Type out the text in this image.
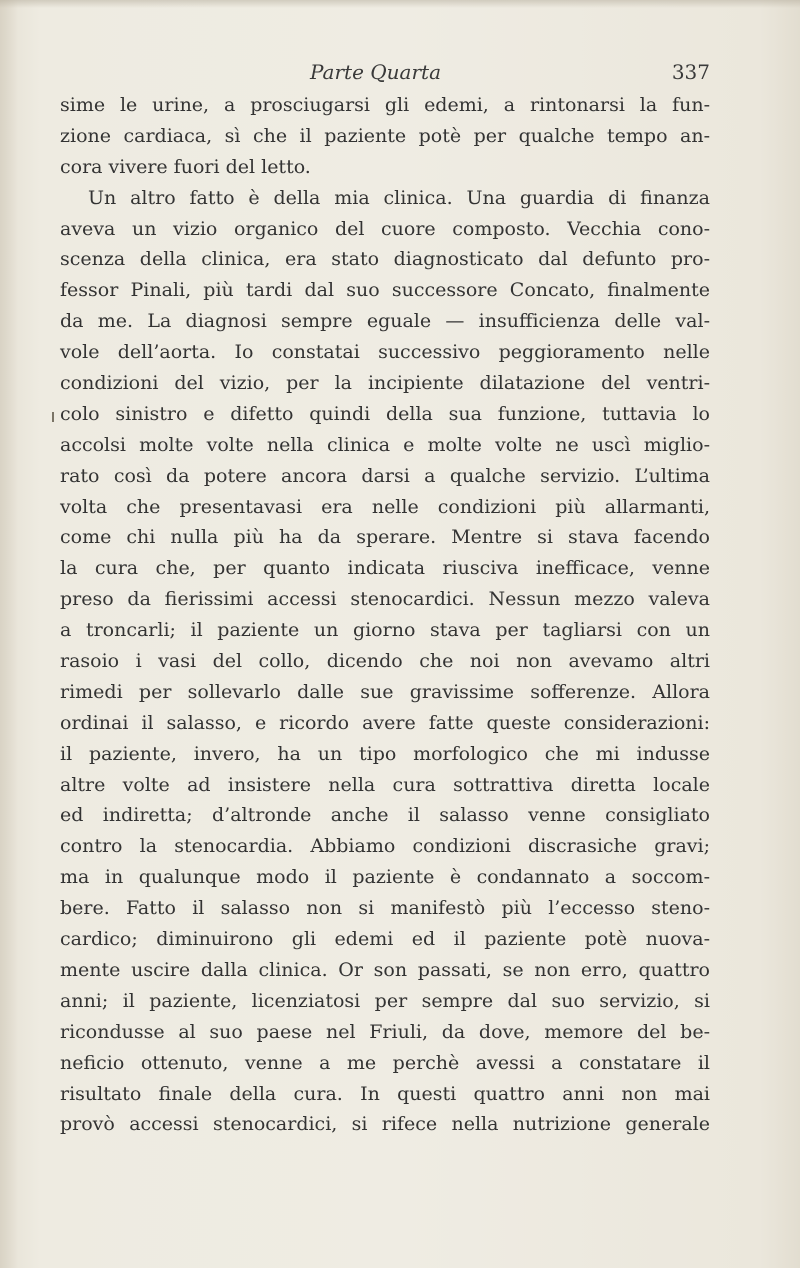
Parte Quarta	337
sime le urine, a prosciugarsi gli edemi, a rintonarsi la fun-
zione cardiaca, sì che il paziente potè per qualche tempo an-
cora vivere fuori del letto.
Un altro fatto è della mia clinica. Una guardia di finanza
aveva un vizio organico del cuore composto. Vecchia cono-
scenza della clinica, era stato diagnosticato dal defunto pro-
fessor Pinali, più tardi dal suo successore Concato, finalmente
da me. La diagnosi sempre eguale — insufficienza delle val-
vole dell’aorta. Io constatai successivo peggioramento nelle
condizioni del vizio, per la incipiente dilatazione del ventri-
colo sinistro e difetto quindi della sua funzione, tuttavia lo
accolsi molte volte nella clinica e molte volte ne uscì miglio-
rato così da potere ancora darsi a qualche servizio. L’ultima
volta che presentavasi era nelle condizioni più allarmanti,
come chi nulla più ha da sperare. Mentre si stava facendo
la cura che, per quanto indicata riusciva inefficace, venne
preso da fierissimi accessi stenocardici. Nessun mezzo valeva
a troncarli; il paziente un giorno stava per tagliarsi con un
rasoio i vasi del collo, dicendo che noi non avevamo altri
rimedi per sollevarlo dalle sue gravissime sofferenze. Allora
ordinai il salasso, e ricordo avere fatte queste considerazioni:
il paziente, invero, ha un tipo morfologico che mi indusse
altre volte ad insistere nella cura sottrattiva diretta locale
ed indiretta; d’altronde anche il salasso venne consigliato
contro la stenocardia. Abbiamo condizioni discrasiche gravi;
ma in qualunque modo il paziente è condannato a soccom-
bere. Fatto il salasso non si manifestò più l’eccesso steno-
cardico; diminuirono gli edemi ed il paziente potè nuova-
mente uscire dalla clinica. Or son passati, se non erro, quattro
anni; il paziente, licenziatosi per sempre dal suo servizio, si
ricondusse al suo paese nel Friuli, da dove, memore del be-
neficio ottenuto, venne a me perchè avessi a constatare il
risultato finale della cura. In questi quattro anni non mai
provò accessi stenocardici, si rifece nella nutrizione generale
